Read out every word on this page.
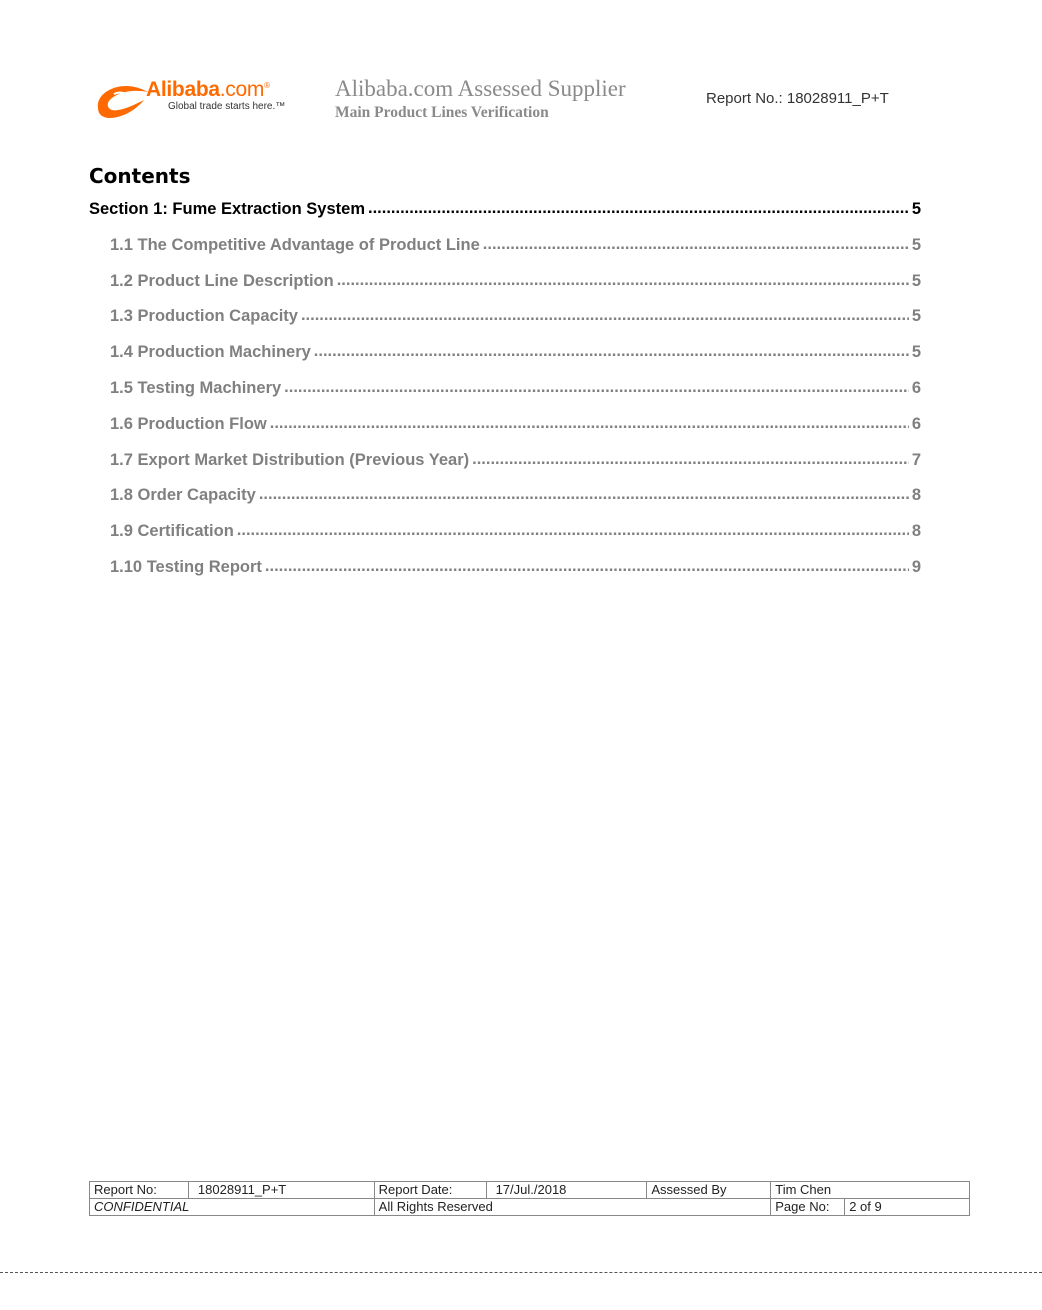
Alibaba.com®
Global trade starts here.™
Alibaba.com Assessed Supplier
Main Product Lines Verification
Report No.: 18028911_P+T
Contents
Section 1: Fume Extraction System .....	5
1.1 The Competitive Advantage of Product Line .....	5
1.2 Product Line Description .....	5
1.3 Production Capacity .....	5
1.4 Production Machinery .....	5
1.5 Testing Machinery .....	6
1.6 Production Flow .....	6
1.7 Export Market Distribution (Previous Year) .....	7
1.8 Order Capacity .....	8
1.9 Certification .....	8
1.10 Testing Report .....	9
Report No:	18028911_P+T	Report Date:	17/Jul./2018	Assessed By	Tim Chen	
CONFIDENTIAL		All Rights Reserved			Page No:	2 of 9
